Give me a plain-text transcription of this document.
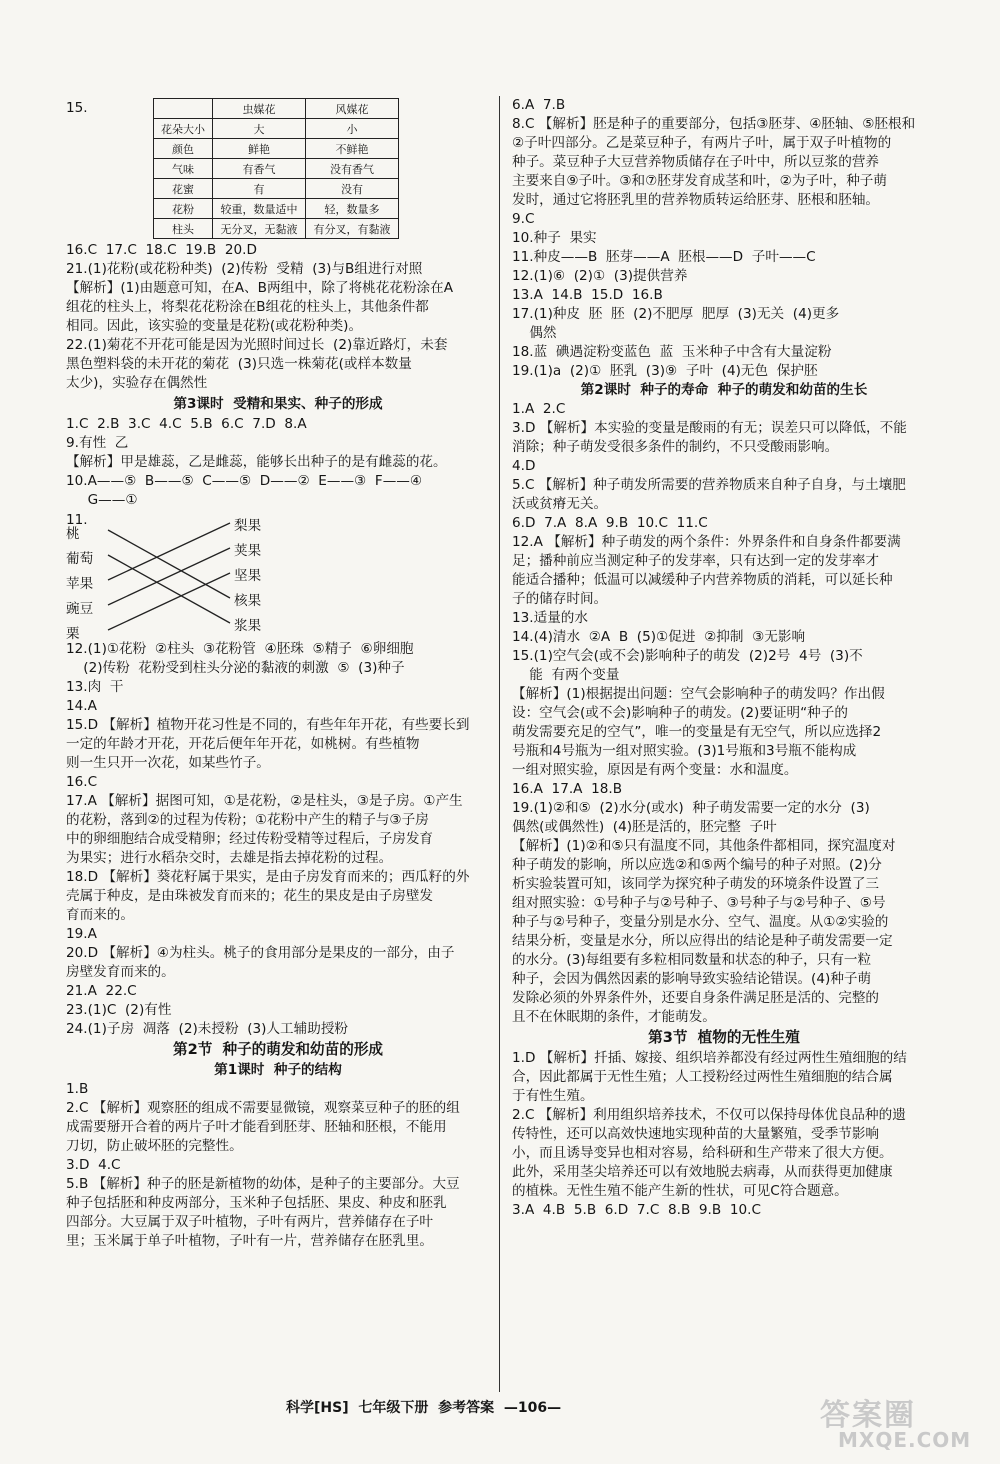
15.
		虫媒花	风媒花
花朵大小	大	小
颜色	鲜艳	不鲜艳
气味	有香气	没有香气
花蜜	有	没有
花粉	较重，数量适中	轻，数量多
柱头	无分叉，无黏液	有分叉，有黏液
16.C  17.C  18.C  19.B  20.D
21.(1)花粉(或花粉种类)  (2)传粉  受精  (3)与B组进行对照
【解析】(1)由题意可知，在A、B两组中，除了将桃花花粉涂在A
组花的柱头上，将梨花花粉涂在B组花的柱头上，其他条件都
相同。因此，该实验的变量是花粉(或花粉种类)。
22.(1)菊花不开花可能是因为光照时间过长  (2)靠近路灯，未套
黑色塑料袋的未开花的菊花  (3)只选一株菊花(或样本数量
太少)，实验存在偶然性
第3课时  受精和果实、种子的形成
1.C  2.B  3.C  4.C  5.B  6.C  7.D  8.A
9.有性  乙
【解析】甲是雄蕊，乙是雌蕊，能够长出种子的是有雌蕊的花。
10.A——⑤  B——⑤  C——⑤  D——②  E——③  F——④
G——①
11.
桃
葡萄
苹果
豌豆
栗
梨果
荚果
坚果
核果
浆果
12.(1)①花粉  ②柱头  ③花粉管  ④胚珠  ⑤精子  ⑥卵细胞
(2)传粉  花粉受到柱头分泌的黏液的刺激  ⑤  (3)种子
13.肉  干
14.A
15.D 【解析】植物开花习性是不同的，有些年年开花，有些要长到
一定的年龄才开花，开花后便年年开花，如桃树。有些植物
则一生只开一次花，如某些竹子。
16.C
17.A 【解析】据图可知，①是花粉，②是柱头，③是子房。①产生
的花粉，落到②的过程为传粉；①花粉中产生的精子与③子房
中的卵细胞结合成受精卵；经过传粉受精等过程后，子房发育
为果实；进行水稻杂交时，去雄是指去掉花粉的过程。
18.D 【解析】葵花籽属于果实，是由子房发育而来的；西瓜籽的外
壳属于种皮，是由珠被发育而来的；花生的果皮是由子房壁发
育而来的。
19.A
20.D 【解析】④为柱头。桃子的食用部分是果皮的一部分，由子
房壁发育而来的。
21.A  22.C
23.(1)C  (2)有性
24.(1)子房  凋落  (2)未授粉  (3)人工辅助授粉
第2节  种子的萌发和幼苗的形成
第1课时  种子的结构
1.B
2.C 【解析】观察胚的组成不需要显微镜，观察菜豆种子的胚的组
成需要掰开合着的两片子叶才能看到胚芽、胚轴和胚根，不能用
刀切，防止破坏胚的完整性。
3.D  4.C
5.B 【解析】种子的胚是新植物的幼体，是种子的主要部分。大豆
种子包括胚和种皮两部分，玉米种子包括胚、果皮、种皮和胚乳
四部分。大豆属于双子叶植物，子叶有两片，营养储存在子叶
里；玉米属于单子叶植物，子叶有一片，营养储存在胚乳里。
6.A  7.B
8.C 【解析】胚是种子的重要部分，包括③胚芽、④胚轴、⑤胚根和
②子叶四部分。乙是菜豆种子，有两片子叶，属于双子叶植物的
种子。菜豆种子大豆营养物质储存在子叶中，所以豆浆的营养
主要来自⑨子叶。③和⑦胚芽发育成茎和叶，②为子叶，种子萌
发时，通过它将胚乳里的营养物质转运给胚芽、胚根和胚轴。
9.C
10.种子  果实
11.种皮——B  胚芽——A  胚根——D  子叶——C
12.(1)⑥  (2)①  (3)提供营养
13.A  14.B  15.D  16.B
17.(1)种皮  胚  胚  (2)不肥厚  肥厚  (3)无关  (4)更多
偶然
18.蓝  碘遇淀粉变蓝色  蓝  玉米种子中含有大量淀粉
19.(1)a  (2)①  胚乳  (3)⑨  子叶  (4)无色  保护胚
第2课时  种子的寿命  种子的萌发和幼苗的生长
1.A  2.C
3.D 【解析】本实验的变量是酸雨的有无；误差只可以降低，不能
消除；种子萌发受很多条件的制约，不只受酸雨影响。
4.D
5.C 【解析】种子萌发所需要的营养物质来自种子自身，与土壤肥
沃或贫瘠无关。
6.D  7.A  8.A  9.B  10.C  11.C
12.A 【解析】种子萌发的两个条件：外界条件和自身条件都要满
足；播种前应当测定种子的发芽率，只有达到一定的发芽率才
能适合播种；低温可以减缓种子内营养物质的消耗，可以延长种
子的储存时间。
13.适量的水
14.(4)清水  ②A  B  (5)①促进  ②抑制  ③无影响
15.(1)空气会(或不会)影响种子的萌发  (2)2号  4号  (3)不
能  有两个变量
【解析】(1)根据提出问题：空气会影响种子的萌发吗？作出假
设：空气会(或不会)影响种子的萌发。(2)要证明“种子的
萌发需要充足的空气”，唯一的变量是有无空气，所以应选择2
号瓶和4号瓶为一组对照实验。(3)1号瓶和3号瓶不能构成
一组对照实验，原因是有两个变量：水和温度。
16.A  17.A  18.B
19.(1)②和⑤  (2)水分(或水)  种子萌发需要一定的水分  (3)
偶然(或偶然性)  (4)胚是活的，胚完整  子叶
【解析】(1)②和⑤只有温度不同，其他条件都相同，探究温度对
种子萌发的影响，所以应选②和⑤两个编号的种子对照。(2)分
析实验装置可知，该同学为探究种子萌发的环境条件设置了三
组对照实验：①号种子与②号种子、③号种子与②号种子、⑤号
种子与②号种子，变量分别是水分、空气、温度。从①②实验的
结果分析，变量是水分，所以应得出的结论是种子萌发需要一定
的水分。(3)每组要有多粒相同数量和状态的种子，只有一粒
种子，会因为偶然因素的影响导致实验结论错误。(4)种子萌
发除必须的外界条件外，还要自身条件满足胚是活的、完整的
且不在休眠期的条件，才能萌发。
第3节  植物的无性生殖
1.D 【解析】扦插、嫁接、组织培养都没有经过两性生殖细胞的结
合，因此都属于无性生殖；人工授粉经过两性生殖细胞的结合属
于有性生殖。
2.C 【解析】利用组织培养技术，不仅可以保持母体优良品种的遗
传特性，还可以高效快速地实现种苗的大量繁殖，受季节影响
小，而且诱导变异也相对容易，给科研和生产带来了很大方便。
此外，采用茎尖培养还可以有效地脱去病毒，从而获得更加健康
的植株。无性生殖不能产生新的性状，可见C符合题意。
3.A  4.B  5.B  6.D  7.C  8.B  9.B  10.C
科学[HS]  七年级下册  参考答案  —106—	答案圈
MXQE.COM
